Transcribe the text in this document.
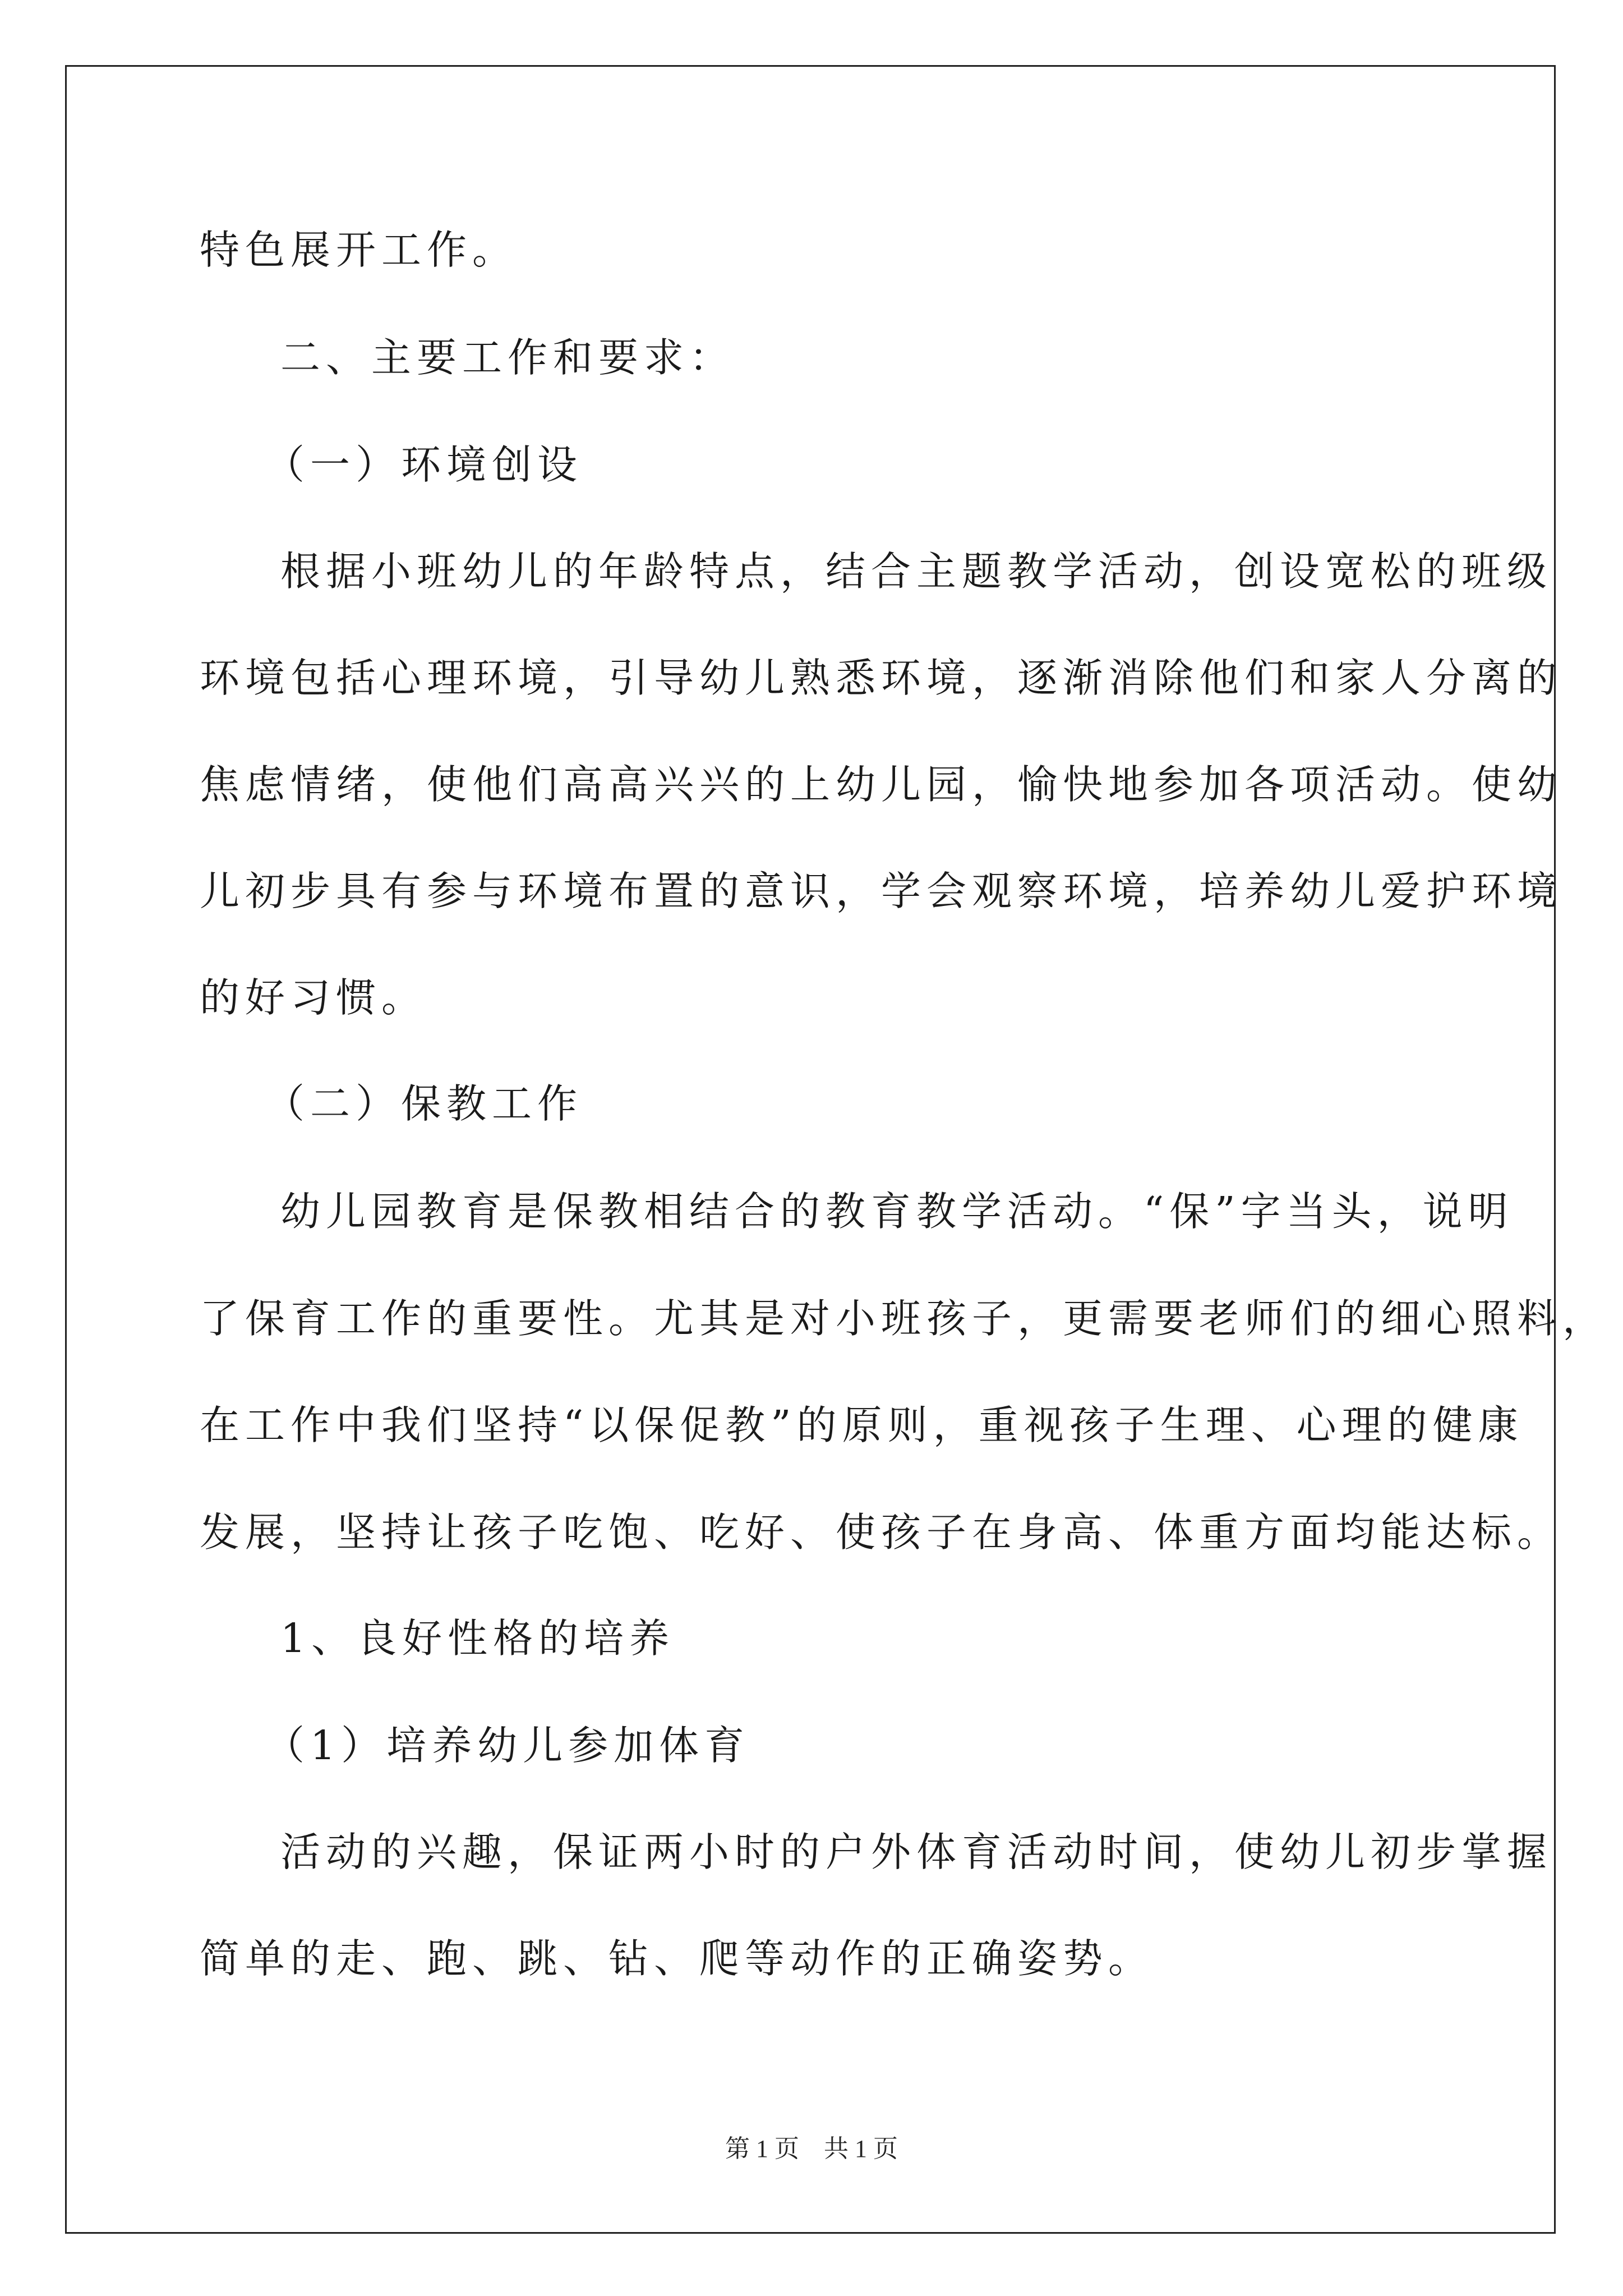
特色展开工作。
二、主要工作和要求：
（一）环境创设
根据小班幼儿的年龄特点，结合主题教学活动，创设宽松的班级
环境包括心理环境，引导幼儿熟悉环境，逐渐消除他们和家人分离的
焦虑情绪，使他们高高兴兴的上幼儿园，愉快地参加各项活动。使幼
儿初步具有参与环境布置的意识，学会观察环境，培养幼儿爱护环境
的好习惯。
（二）保教工作
幼儿园教育是保教相结合的教育教学活动。“保”字当头，说明
了保育工作的重要性。尤其是对小班孩子，更需要老师们的细心照料，
在工作中我们坚持“以保促教”的原则，重视孩子生理、心理的健康
发展，坚持让孩子吃饱、吃好、使孩子在身高、体重方面均能达标。
1、良好性格的培养
（1）培养幼儿参加体育
活动的兴趣，保证两小时的户外体育活动时间，使幼儿初步掌握
简单的走、跑、跳、钻、爬等动作的正确姿势。
第 1 页　共 1 页
